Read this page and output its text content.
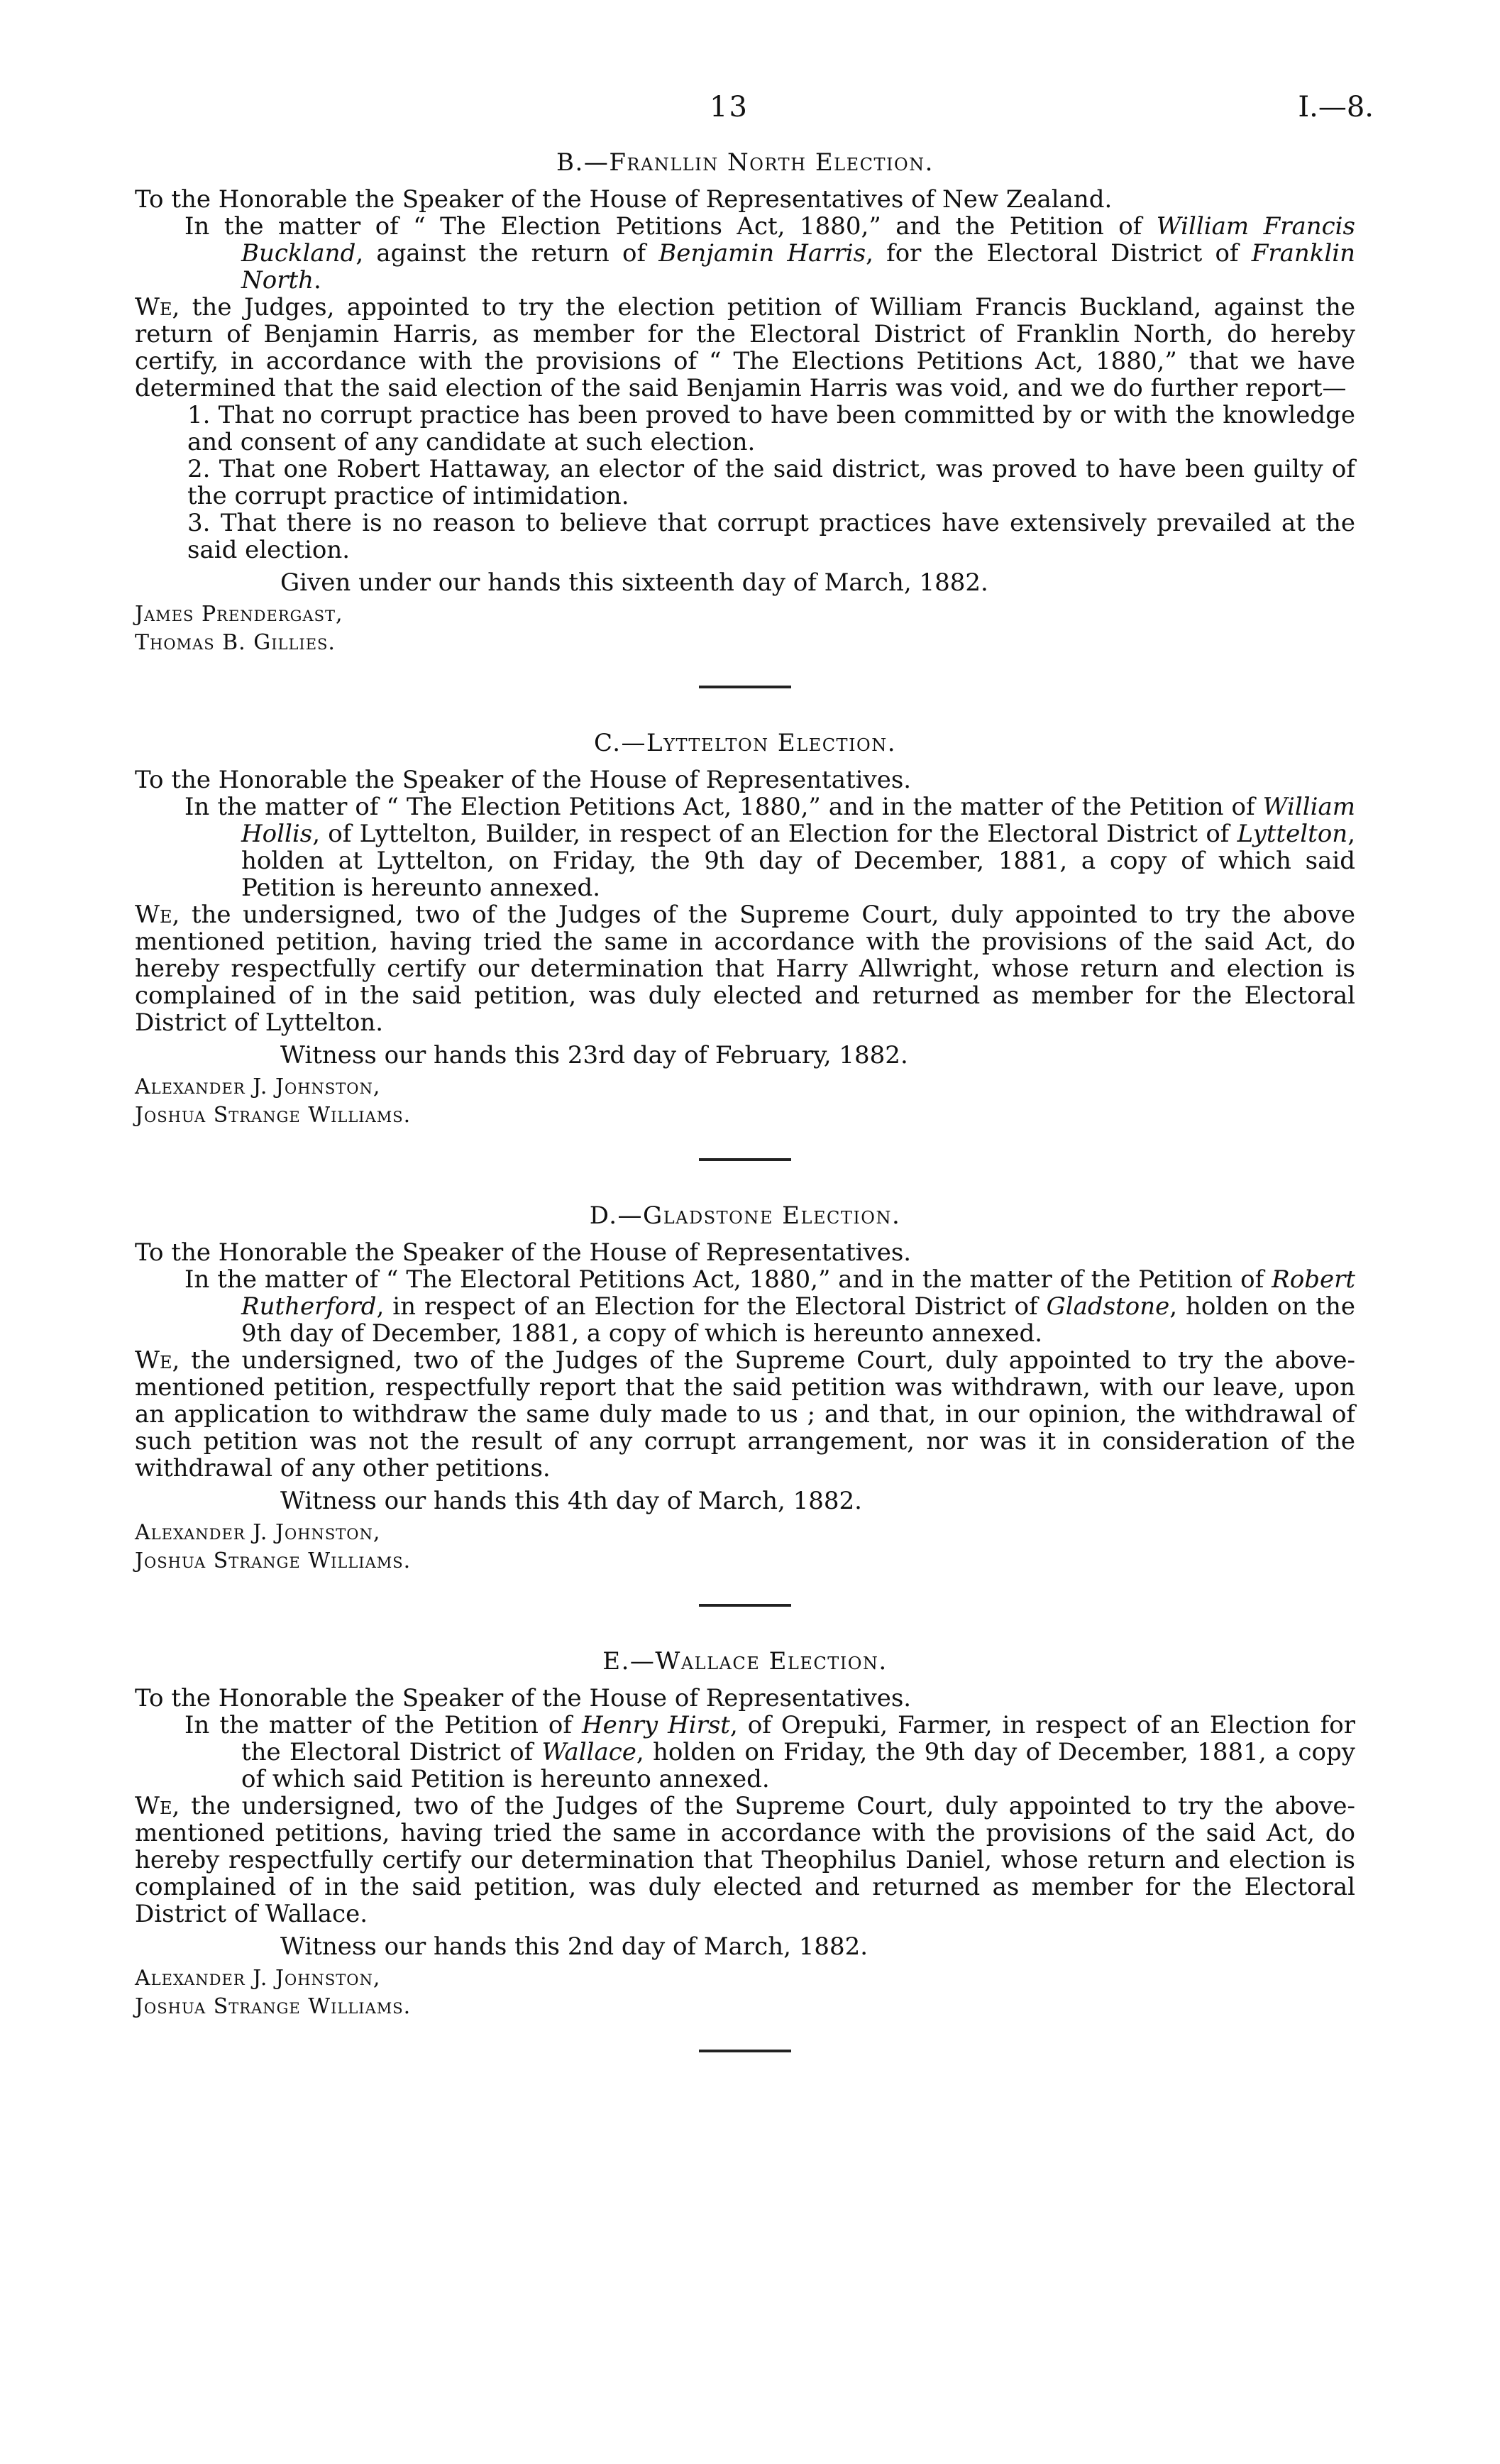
13	I.—8.
B.—Franllin North Election.

To the Honorable the Speaker of the House of Representatives of New Zealand.

In the matter of “ The Election Petitions Act, 1880,” and the Petition of William Francis Buckland, against the return of Benjamin Harris, for the Electoral District of Franklin North.

We, the Judges, appointed to try the election petition of William Francis Buckland, against the return of Benjamin Harris, as member for the Electoral District of Franklin North, do hereby certify, in accordance with the provisions of “ The Elections Petitions Act, 1880,” that we have determined that the said election of the said Benjamin Harris was void, and we do further report—

1. That no corrupt practice has been proved to have been committed by or with the knowledge and consent of any candidate at such election.

2. That one Robert Hattaway, an elector of the said district, was proved to have been guilty of the corrupt practice of intimidation.

3. That there is no reason to believe that corrupt practices have extensively prevailed at the said election.

Given under our hands this sixteenth day of March, 1882.

James Prendergast,
Thomas B. Gillies.
C.—Lyttelton Election.

To the Honorable the Speaker of the House of Representatives.

In the matter of “ The Election Petitions Act, 1880,” and in the matter of the Petition of William Hollis, of Lyttelton, Builder, in respect of an Election for the Electoral District of Lyttelton, holden at Lyttelton, on Friday, the 9th day of December, 1881, a copy of which said Petition is hereunto annexed.

We, the undersigned, two of the Judges of the Supreme Court, duly appointed to try the above mentioned petition, having tried the same in accordance with the provisions of the said Act, do hereby respectfully certify our determination that Harry Allwright, whose return and election is complained of in the said petition, was duly elected and returned as member for the Electoral District of Lyttelton.

Witness our hands this 23rd day of February, 1882.

Alexander J. Johnston,
Joshua Strange Williams.
D.—Gladstone Election.

To the Honorable the Speaker of the House of Representatives.

In the matter of “ The Electoral Petitions Act, 1880,” and in the matter of the Petition of Robert Rutherford, in respect of an Election for the Electoral District of Gladstone, holden on the 9th day of December, 1881, a copy of which is hereunto annexed.

We, the undersigned, two of the Judges of the Supreme Court, duly appointed to try the above-mentioned petition, respectfully report that the said petition was withdrawn, with our leave, upon an application to withdraw the same duly made to us ; and that, in our opinion, the withdrawal of such petition was not the result of any corrupt arrangement, nor was it in consideration of the withdrawal of any other petitions.

Witness our hands this 4th day of March, 1882.

Alexander J. Johnston,
Joshua Strange Williams.
E.—Wallace Election.

To the Honorable the Speaker of the House of Representatives.

In the matter of the Petition of Henry Hirst, of Orepuki, Farmer, in respect of an Election for the Electoral District of Wallace, holden on Friday, the 9th day of December, 1881, a copy of which said Petition is hereunto annexed.

We, the undersigned, two of the Judges of the Supreme Court, duly appointed to try the above-mentioned petitions, having tried the same in accordance with the provisions of the said Act, do hereby respectfully certify our determination that Theophilus Daniel, whose return and election is complained of in the said petition, was duly elected and returned as member for the Electoral District of Wallace.

Witness our hands this 2nd day of March, 1882.

Alexander J. Johnston,
Joshua Strange Williams.
